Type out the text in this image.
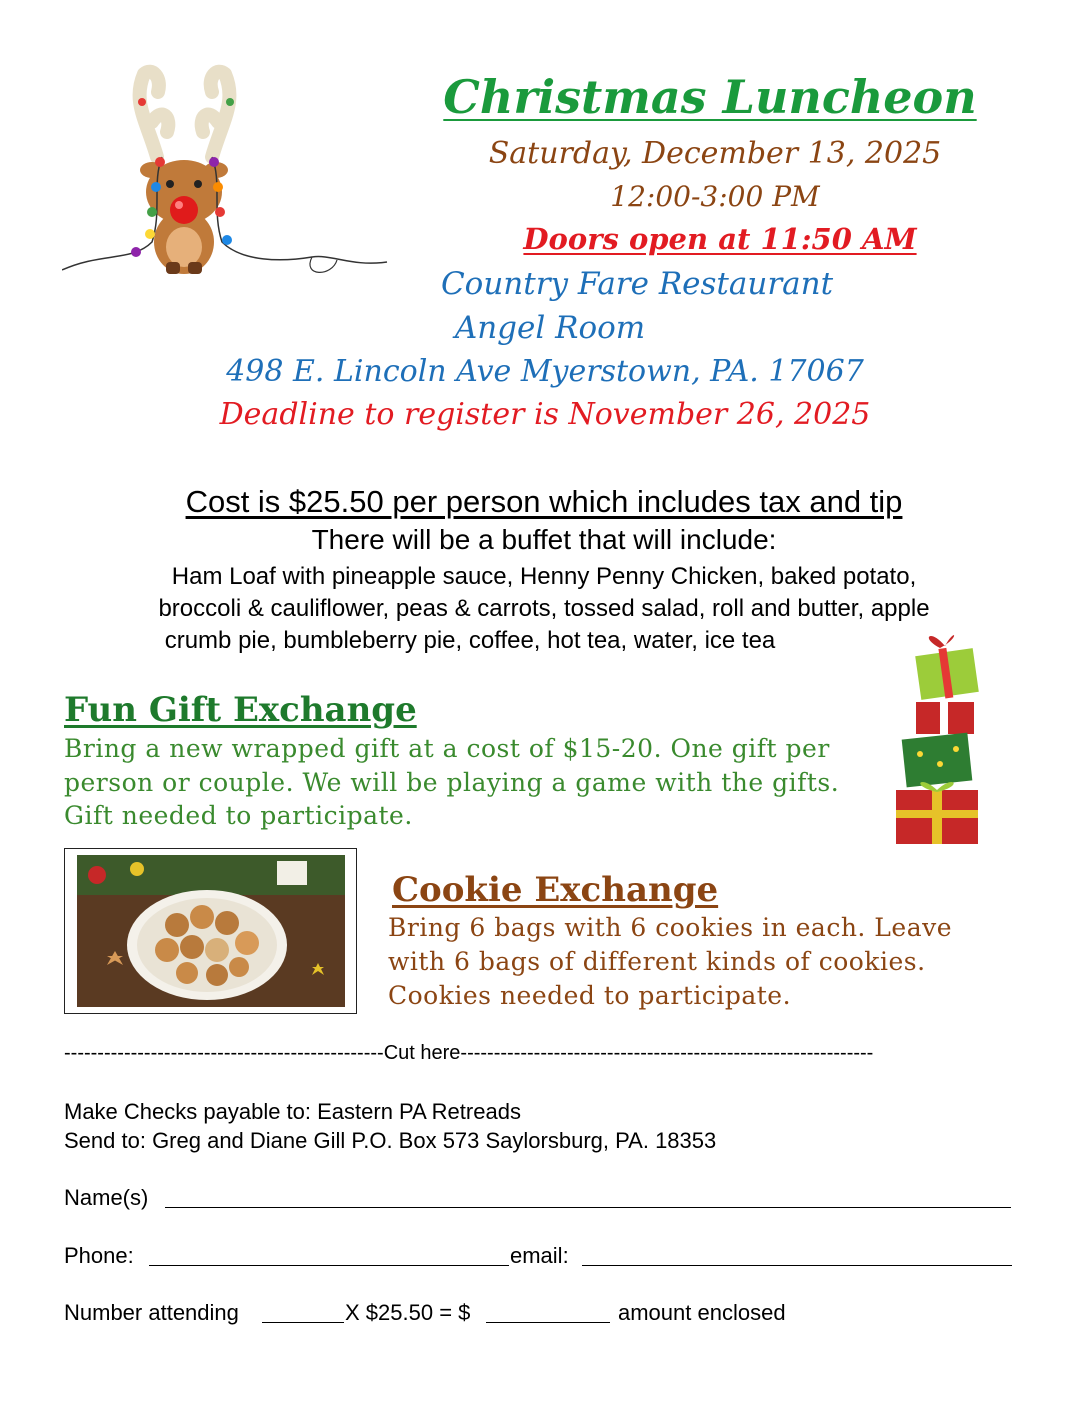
Christmas Luncheon
Saturday, December 13, 2025
12:00-3:00 PM
Doors open at 11:50 AM
Country Fare Restaurant
Angel Room
498 E. Lincoln Ave Myerstown, PA. 17067
Deadline to register is November 26, 2025
Cost is $25.50 per person which includes tax and tip
There will be a buffet that will include:
Ham Loaf with pineapple sauce, Henny Penny Chicken, baked potato,
broccoli & cauliflower, peas & carrots, tossed salad, roll and butter, apple
crumb pie, bumbleberry pie, coffee, hot tea, water, ice tea
Fun Gift Exchange
Bring a new wrapped gift at a cost of $15-20. One gift per
person or couple. We will be playing a game with the gifts.
Gift needed to participate.
Cookie Exchange
Bring 6 bags with 6 cookies in each. Leave
with 6 bags of different kinds of cookies.
Cookies needed to participate.
------------------------------------------------Cut here--------------------------------------------------------------
Make Checks payable to: Eastern PA Retreads
Send to: Greg and Diane Gill P.O. Box 573 Saylorsburg, PA. 18353
Name(s)
Phone:	email:
Number attending	X $25.50 = $	amount enclosed
